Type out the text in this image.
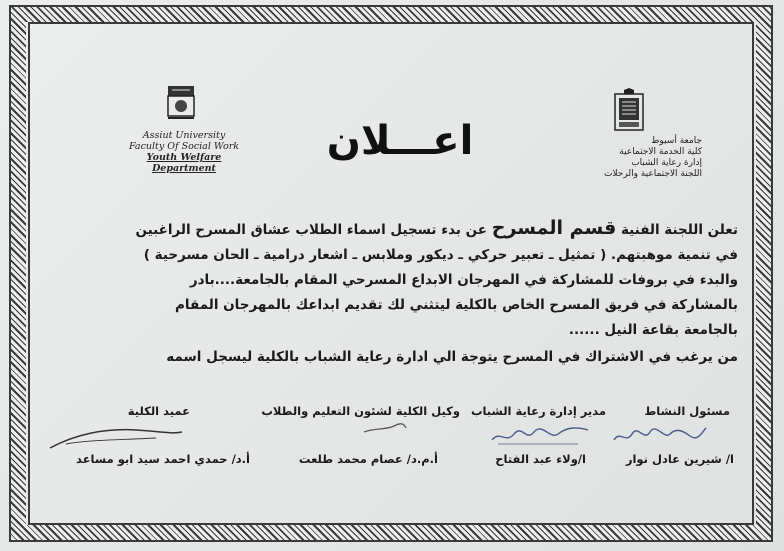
جامعة أسيوط
كلية الخدمة الاجتماعية
إدارة رعاية الشباب
اللجنة الاجتماعية والرحلات
Assiut University
Faculty Of Social Work
Youth Welfare Department
اعـــلان

تعلن اللجنة الفنية قسم المسرح عن بدء تسجيل اسماء الطلاب عشاق المسرح الراغبين

في تنمية موهبتهم. ( تمثيل ـ تعبير حركي ـ ديكور وملابس ـ اشعار درامية ـ الحان مسرحية )

والبدء في بروفات للمشاركة في المهرجان الابداع المسرحي المقام بالجامعة....بادر

بالمشاركة في فريق المسرح الخاص بالكلية ليتثني لك تقديم ابداعك بالمهرجان المقام

بالجامعة بقاعة النيل ......

من يرغب في الاشتراك في المسرح يتوجة الي ادارة رعاية الشباب بالكلية ليسجل اسمه

مسئول النشاط
مدير إدارة رعاية الشباب
وكيل الكلية لشئون التعليم والطلاب
عميد الكلية
ا/ شيرين عادل نوار
ا/ولاء عبد الفتاح
أ.م.د/ عصام محمد طلعت
أ.د/ حمدي احمد سيد ابو مساعد
